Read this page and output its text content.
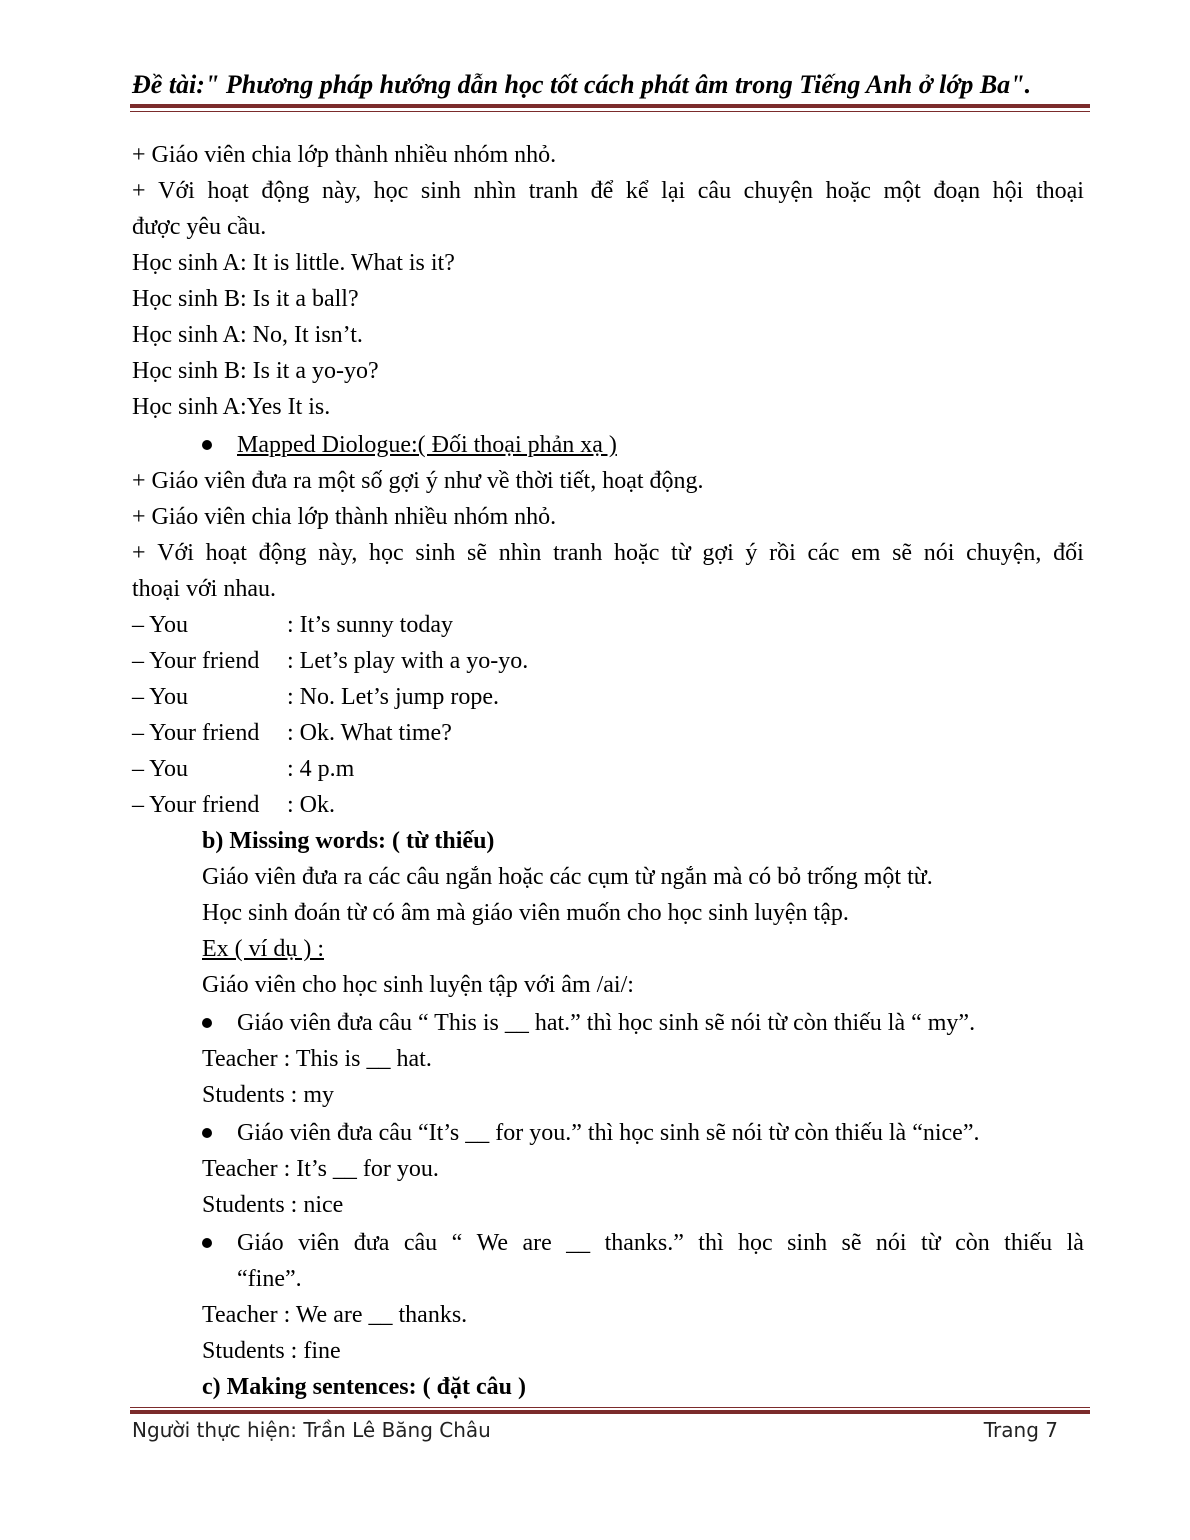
Đề tài:" Phương pháp hướng dẫn học tốt cách phát âm trong Tiếng Anh ở lớp Ba".
+ Giáo viên chia lớp thành nhiều nhóm nhỏ.
+ Với hoạt động này, học sinh nhìn tranh để kể lại câu chuyện hoặc một đoạn hội thoại
được yêu cầu.
Học sinh A: It is little. What is it?
Học sinh B: Is it a ball?
Học sinh A: No, It isn’t.
Học sinh B: Is it a yo-yo?
Học sinh A:Yes It is.
Mapped Diologue:( Đối thoại phản xạ )
+ Giáo viên đưa ra một số gợi ý như về thời tiết, hoạt động.
+ Giáo viên chia lớp thành nhiều nhóm nhỏ.
+ Với hoạt động này, học sinh sẽ nhìn tranh hoặc từ gợi ý rồi các em sẽ nói chuyện, đối
thoại với nhau.
– You	: It’s sunny today
– Your friend : Let’s play with a yo-yo.
– You	: No. Let’s jump rope.
– Your friend : Ok. What time?
– You	: 4 p.m
– Your friend : Ok.
b) Missing words: ( từ thiếu)
Giáo viên đưa ra các câu ngắn hoặc các cụm từ ngắn mà có bỏ trống một từ.
Học sinh đoán từ có âm mà giáo viên muốn cho học sinh luyện tập.
Ex ( ví dụ ) :
Giáo viên cho học sinh luyện tập với âm /ai/:
Giáo viên đưa câu “ This is __ hat.” thì học sinh sẽ nói từ còn thiếu là “ my”.
Teacher : This is __ hat.
Students : my
Giáo viên đưa câu “It’s __ for you.” thì học sinh sẽ nói từ còn thiếu là “nice”.
Teacher : It’s __ for you.
Students : nice
Giáo viên đưa câu “ We are __ thanks.” thì học sinh sẽ nói từ còn thiếu là
“fine”.
Teacher : We are __ thanks.
Students : fine
c) Making sentences: ( đặt câu )
Người thực hiện: Trần Lê Băng Châu	Trang 7
